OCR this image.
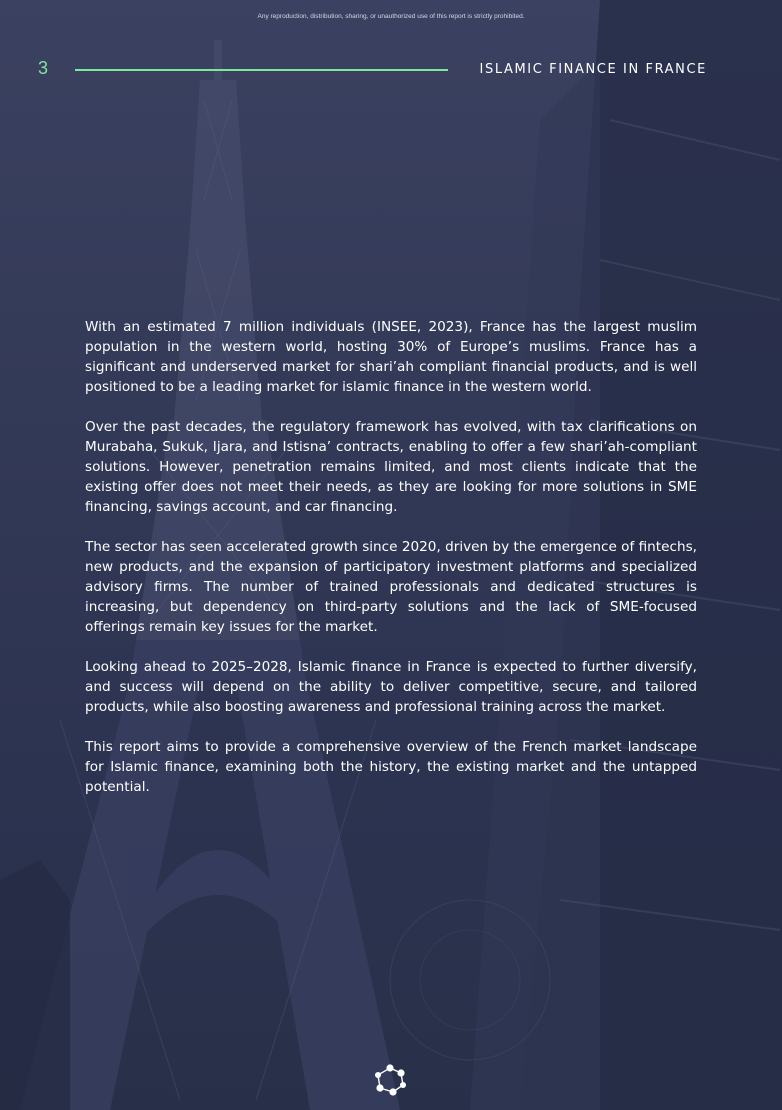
Any reproduction, distribution, sharing, or unauthorized use of this report is strictly prohibited.
3	ISLAMIC FINANCE IN FRANCE

With an estimated 7 million individuals (INSEE, 2023), France has the largest muslim population in the western world, hosting 30% of Europe’s muslims. France has a significant and underserved market for shari’ah compliant financial products, and is well positioned to be a leading market for islamic finance in the western world.

Over the past decades, the regulatory framework has evolved, with tax clarifications on Murabaha, Sukuk, Ijara, and Istisna’ contracts, enabling to offer a few shari’ah-compliant solutions. However, penetration remains limited, and most clients indicate that the existing offer does not meet their needs, as they are looking for more solutions in SME financing, savings account, and car financing.

The sector has seen accelerated growth since 2020, driven by the emergence of fintechs, new products, and the expansion of participatory investment platforms and specialized advisory firms. The number of trained professionals and dedicated structures is increasing, but dependency on third-party solutions and the lack of SME-focused offerings remain key issues for the market.

Looking ahead to 2025–2028, Islamic finance in France is expected to further diversify, and success will depend on the ability to deliver competitive, secure, and tailored products, while also boosting awareness and professional training across the market.

This report aims to provide a comprehensive overview of the French market landscape for Islamic finance, examining both the history, the existing market and the untapped potential.
